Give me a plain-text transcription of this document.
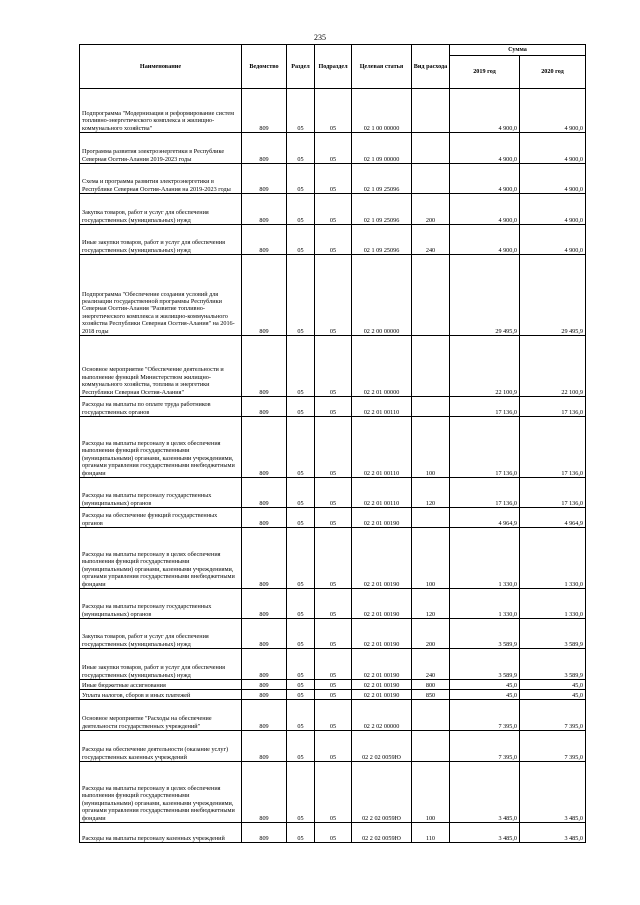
235
Наименование	Ведомство	Раздел	Подраздел	Целевая статья	Вид расхода	Сумма	
						2019 год	2020 год
Подпрограмма "Модернизация и реформирование систем топливно-энергетического комплекса и жилищно-коммунального хозяйства"	809	05	05	02 1 00 00000		4 900,0	4 900,0
Программа развития электроэнергетики в Республике Северная Осетия-Алания 2019-2023 годы	809	05	05	02 1 09 00000		4 900,0	4 900,0
Схема и программа развития электроэнергетики в Республике Северная Осетия-Алания на 2019-2023 годы	809	05	05	02 1 09 25096		4 900,0	4 900,0
Закупка товаров, работ и услуг для обеспечения государственных (муниципальных) нужд	809	05	05	02 1 09 25096	200	4 900,0	4 900,0
Иные закупки товаров, работ и услуг для обеспечения государственных (муниципальных) нужд	809	05	05	02 1 09 25096	240	4 900,0	4 900,0
Подпрограмма "Обеспечение создания условий для реализации государственной программы Республики Северная Осетия-Алания "Развитие топливно-энергетического комплекса и жилищно-коммунального хозяйства Республики Северная Осетия-Алания" на 2016-2018 годы	809	05	05	02 2 00 00000		29 495,9	29 495,9
Основное мероприятие "Обеспечение деятельности и выполнение функций Министерством жилищно-коммунального хозяйства, топлива и энергетики Республики Северная Осетия-Алания"	809	05	05	02 2 01 00000		22 100,9	22 100,9
Расходы на выплаты по оплате труда работников государственных органов	809	05	05	02 2 01 00110		17 136,0	17 136,0
Расходы на выплаты персоналу в целях обеспечения выполнения функций государственными (муниципальными) органами, казенными учреждениями, органами управления государственными внебюджетными фондами	809	05	05	02 2 01 00110	100	17 136,0	17 136,0
Расходы на выплаты персоналу государственных (муниципальных) органов	809	05	05	02 2 01 00110	120	17 136,0	17 136,0
Расходы на обеспечение функций государственных органов	809	05	05	02 2 01 00190		4 964,9	4 964,9
Расходы на выплаты персоналу в целях обеспечения выполнения функций государственными (муниципальными) органами, казенными учреждениями, органами управления государственными внебюджетными фондами	809	05	05	02 2 01 00190	100	1 330,0	1 330,0
Расходы на выплаты персоналу государственных (муниципальных) органов	809	05	05	02 2 01 00190	120	1 330,0	1 330,0
Закупка товаров, работ и услуг для обеспечения государственных (муниципальных) нужд	809	05	05	02 2 01 00190	200	3 589,9	3 589,9
Иные закупки товаров, работ и услуг для обеспечения государственных (муниципальных) нужд	809	05	05	02 2 01 00190	240	3 589,9	3 589,9
Иные бюджетные ассигнования	809	05	05	02 2 01 00190	800	45,0	45,0
Уплата налогов, сборов и иных платежей	809	05	05	02 2 01 00190	850	45,0	45,0
Основное мероприятие "Расходы на обеспечение деятельности государственных учреждений"	809	05	05	02 2 02 00000		7 395,0	7 395,0
Расходы на обеспечение деятельности (оказание услуг) государственных казенных учреждений	809	05	05	02 2 02 0059Ю		7 395,0	7 395,0
Расходы на выплаты персоналу в целях обеспечения выполнения функций государственными (муниципальными) органами, казенными учреждениями, органами управления государственными внебюджетными фондами	809	05	05	02 2 02 0059Ю	100	3 485,0	3 485,0
Расходы на выплаты персоналу казенных учреждений	809	05	05	02 2 02 0059Ю	110	3 485,0	3 485,0
